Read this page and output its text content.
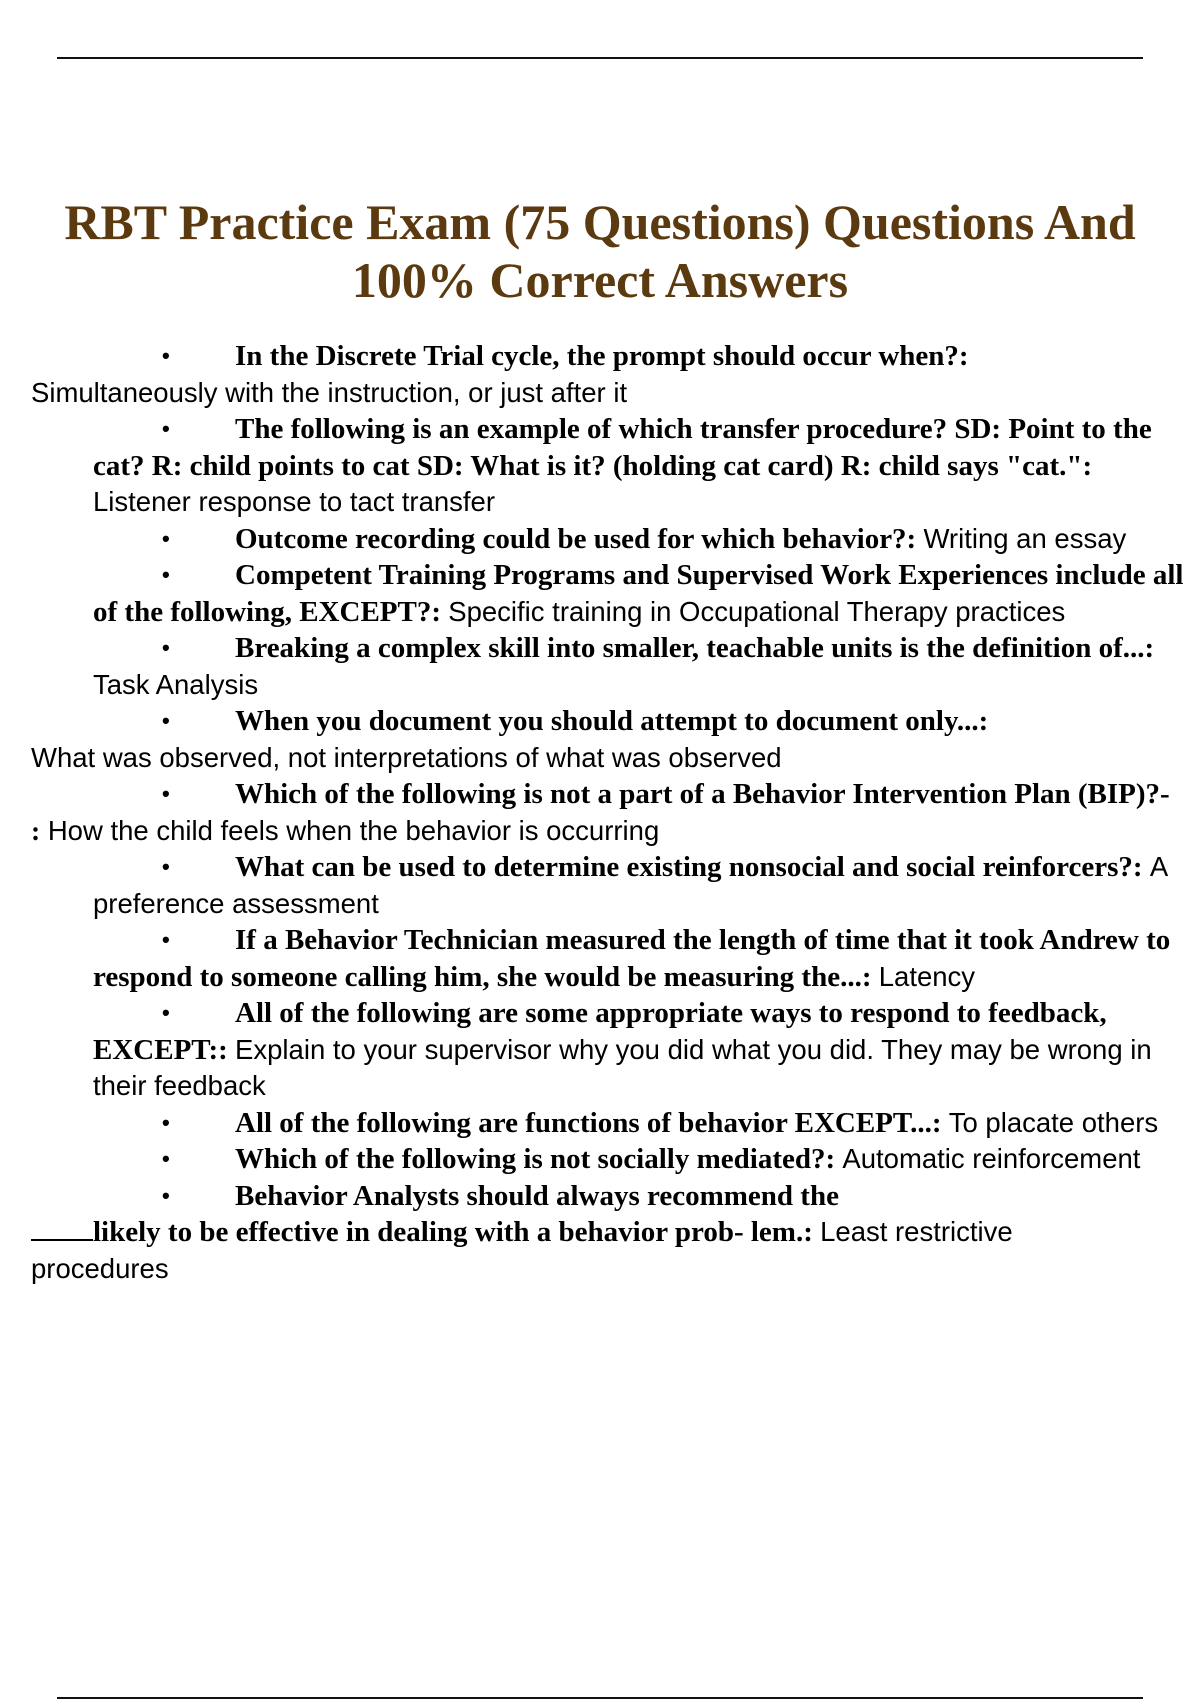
RBT Practice Exam (75 Questions) Questions And 100% Correct Answers

• In the Discrete Trial cycle, the prompt should occur when?:
Simultaneously with the instruction, or just after it

• The following is an example of which transfer procedure? SD: Point to the cat? R: child points to cat SD: What is it? (holding cat card) R: child says "cat.": Listener response to tact transfer

• Outcome recording could be used for which behavior?: Writing an essay

• Competent Training Programs and Supervised Work Experiences include all of the following, EXCEPT?: Specific training in Occupational Therapy practices

• Breaking a complex skill into smaller, teachable units is the definition of...: Task Analysis

• When you document you should attempt to document only...:
What was observed, not interpretations of what was observed

• Which of the following is not a part of a Behavior Intervention Plan (BIP)?-
: How the child feels when the behavior is occurring

• What can be used to determine existing nonsocial and social reinforcers?: A preference assessment

• If a Behavior Technician measured the length of time that it took Andrew to respond to someone calling him, she would be measuring the...: Latency

• All of the following are some appropriate ways to respond to feedback, EXCEPT:: Explain to your supervisor why you did what you did. They may be wrong in their feedback

• All of the following are functions of behavior EXCEPT...: To placate others

• Which of the following is not socially mediated?: Automatic reinforcement

• Behavior Analysts should always recommend the
likely to be effective in dealing with a behavior prob- lem.: Least restrictive
procedures
